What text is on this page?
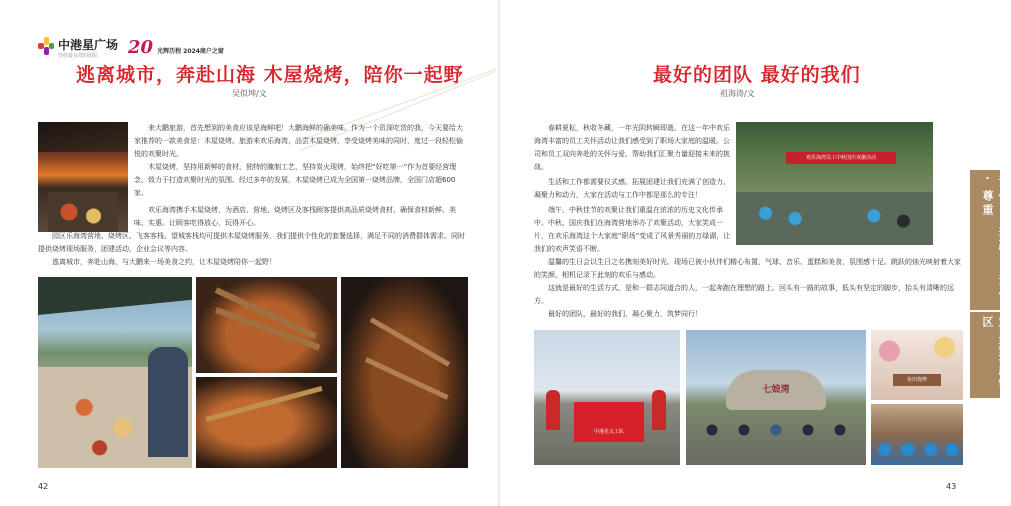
中港星广场
坚持最有效的团队	20 光辉历程 2024商户之窗
逃离城市，奔赴山海 木屋烧烤，陪你一起野
吴似坤/文

来大鹏旅游，首先想到的美食应该是海鲜吧！大鹏海鲜的确美味。作为一个资深吃货的我，今天要给大家推荐的一款美食是：木屋烧烤。旅游来欢乐海湾，品尝木屋烧烤，享受烧烤美味的同时，度过一段轻松愉悦的欢聚时光。

木屋烧烤，坚持用新鲜的食材，独特的腌制工艺，坚持炭火现烤，始终把“好吃第一”作为首要经营理念，致力于打造欢聚时光的氛围。经过多年的发展，木屋烧烤已成为全国第一烧烤品牌，全国门店超600家。

欢乐海湾携手木屋烧烤，为酒店、营地、烧烤区及客栈顾客提供高品质烧烤食材，确保食材新鲜、美味、实惠。让顾客吃得放心，玩得开心。

园区乐海湾营地、烧烤区、飞客客栈、望城客栈均可提供木屋烧烤服务，我们提供个性化的套餐选择，满足不同的消费群体需求。同时提供烧烤现场服务，团建活动，企业会议等内容。

逃离城市，奔赴山海，与大鹏来一场美食之约，让木屋烧烤陪你一起野！

42
最好的团队 最好的我们
祖海涛/文

春耕夏耘，秋收冬藏，一年光阴转瞬即逝。在这一年中欢乐海湾丰富的员工关怀活动让我们感受到了职场大家庭的温暖。公司和员工双向奔赴的关怀与爱，帮助我们汇聚力量迎接未来的挑战。

生活和工作都需要仪式感。拓展团建让我们充满了创造力、凝聚力和动力，大家在活动与工作中都是那么的专注！

端午、中秋佳节的欢聚让我们重温在浓浓的历史文化传承中。中秋、国庆我们在海湾营地举办了欢聚活动，大家笑成一片，在欢乐海湾这个大家庭“职场”变成了风景秀丽的万绿湖，让我们的欢声笑语不断。

温馨的生日会以生日之名携刻美好时光。现场已被小伙伴们精心布置，气球、音乐、蛋糕和美食，氛围感十足。跳跃的烛光映射着大家的笑颜，相机记录下此刻的欢乐与感动。

这就是最好的生活方式，是和一群志同道合的人，一起奔跑在理想的路上。回头有一路的故事，低头有坚定的脚步，抬头有清晰的远方。

最好的团队，最好的我们，凝心聚力，筑梦同行！

欢乐海湾员工中秋国庆欢聚活动
中港星义工队
七娘湾
鱼田烧烤
诚信 · 共赢 · 责任 · 尊重
欢乐海湾度假区
43
